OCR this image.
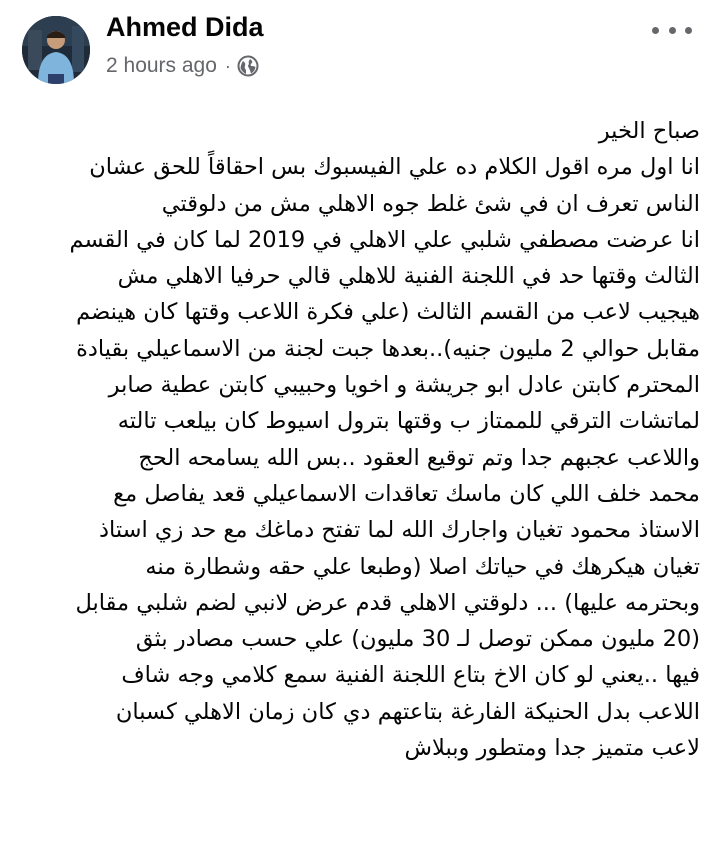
Ahmed Dida
2 hours ago ·
صباح الخير
انا اول مره اقول الكلام ده علي الفيسبوك بس احقاقاً للحق عشان
الناس تعرف ان في شئ غلط جوه الاهلي مش من دلوقتي
انا عرضت مصطفي شلبي علي الاهلي في 2019 لما كان في القسم
الثالث وقتها حد في اللجنة الفنية للاهلي قالي حرفيا الاهلي مش
هيجيب لاعب من القسم الثالث (علي فكرة اللاعب وقتها كان هينضم
مقابل حوالي 2 مليون جنيه)..بعدها جبت لجنة من الاسماعيلي بقيادة
المحترم كابتن عادل ابو جريشة و اخويا وحبيبي كابتن عطية صابر
لماتشات الترقي للممتاز ب وقتها بترول اسيوط كان بيلعب تالته
واللاعب عجبهم جدا وتم توقيع العقود ..بس الله يسامحه الحج
محمد خلف اللي كان ماسك تعاقدات الاسماعيلي قعد يفاصل مع
الاستاذ محمود تغيان واجارك الله لما تفتح دماغك مع حد زي استاذ
تغيان هيكرهك في حياتك اصلا (وطبعا علي حقه وشطارة منه
وبحترمه عليها) ... دلوقتي الاهلي قدم عرض لانبي لضم شلبي مقابل
(20 مليون ممكن توصل لـ 30 مليون) علي حسب مصادر بثق
فيها ..يعني لو كان الاخ بتاع اللجنة الفنية سمع كلامي وجه شاف
اللاعب بدل الحنيكة الفارغة بتاعتهم دي كان زمان الاهلي كسبان
لاعب متميز جدا ومتطور وببلاش
